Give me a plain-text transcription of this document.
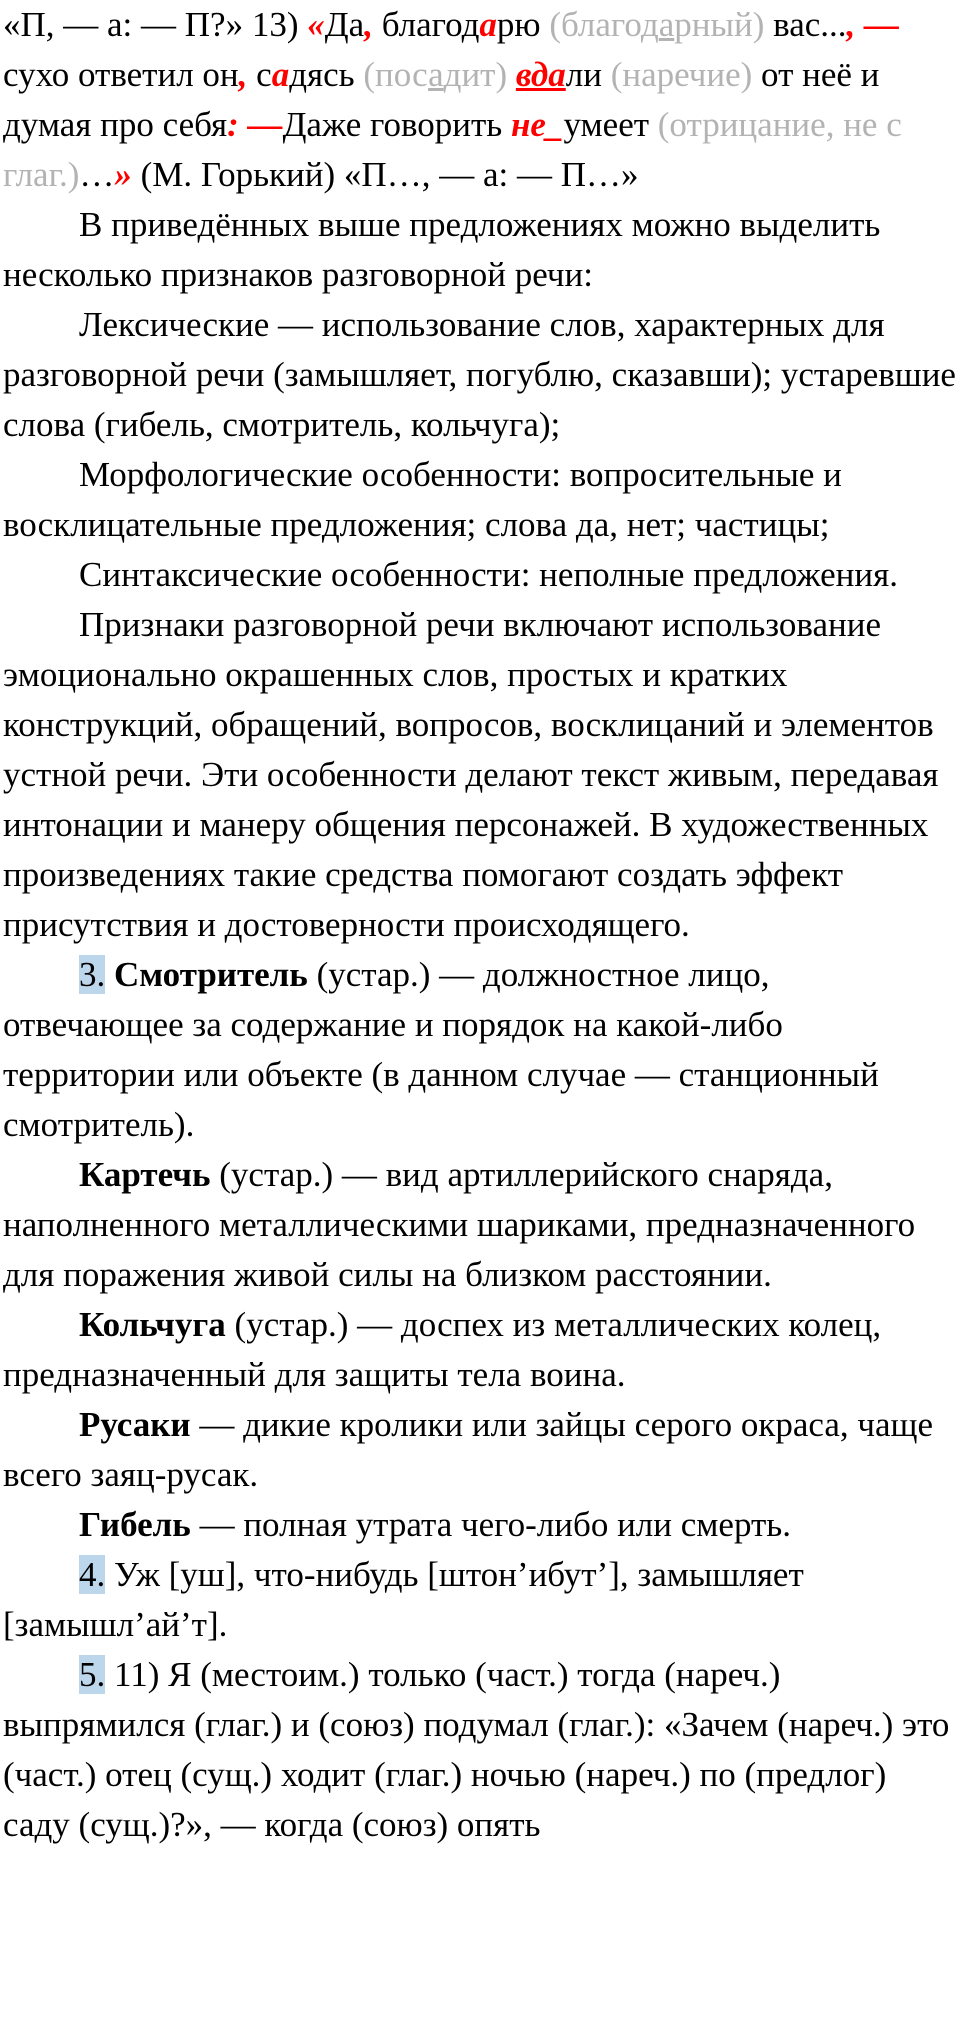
«П, — а: — П?» 13) «Да, благодарю (благодарный) вас..., — сухо ответил он, садясь (посадит) вдали (наречие) от неё и думая про себя: —Даже говорить не_умеет (отрицание, не с глаг.)…» (М. Горький) «П…, — а: — П…»

В приведённых выше предложениях можно выделить несколько признаков разговорной речи:

Лексические — использование слов, характерных для разговорной речи (замышляет, погублю, сказавши); устаревшие слова (гибель, смотритель, кольчуга);

Морфологические особенности: вопросительные и восклицательные предложения; слова да, нет; частицы;

Синтаксические особенности: неполные предложения.

Признаки разговорной речи включают использование эмоционально окрашенных слов, простых и кратких конструкций, обращений, вопросов, восклицаний и элементов устной речи. Эти особенности делают текст живым, передавая интонации и манеру общения персонажей. В художественных произведениях такие средства помогают создать эффект присутствия и достоверности происходящего.

3. Смотритель (устар.) — должностное лицо, отвечающее за содержание и порядок на какой-либо территории или объекте (в данном случае — станционный смотритель).

Картечь (устар.) — вид артиллерийского снаряда, наполненного металлическими шариками, предназначенного для поражения живой силы на близком расстоянии.

Кольчуга (устар.) — доспех из металлических колец, предназначенный для защиты тела воина.

Русаки — дикие кролики или зайцы серого окраса, чаще всего заяц-русак.

Гибель — полная утрата чего-либо или смерть.

4. Уж [уш], что-нибудь [штон’ибут’], замышляет [замышл’ай’т].

5. 11) Я (местоим.) только (част.) тогда (нареч.) выпрямился (глаг.) и (союз) подумал (глаг.): «Зачем (нареч.) это (част.) отец (сущ.) ходит (глаг.) ночью (нареч.) по (предлог) саду (сущ.)?», — когда (союз) опять
